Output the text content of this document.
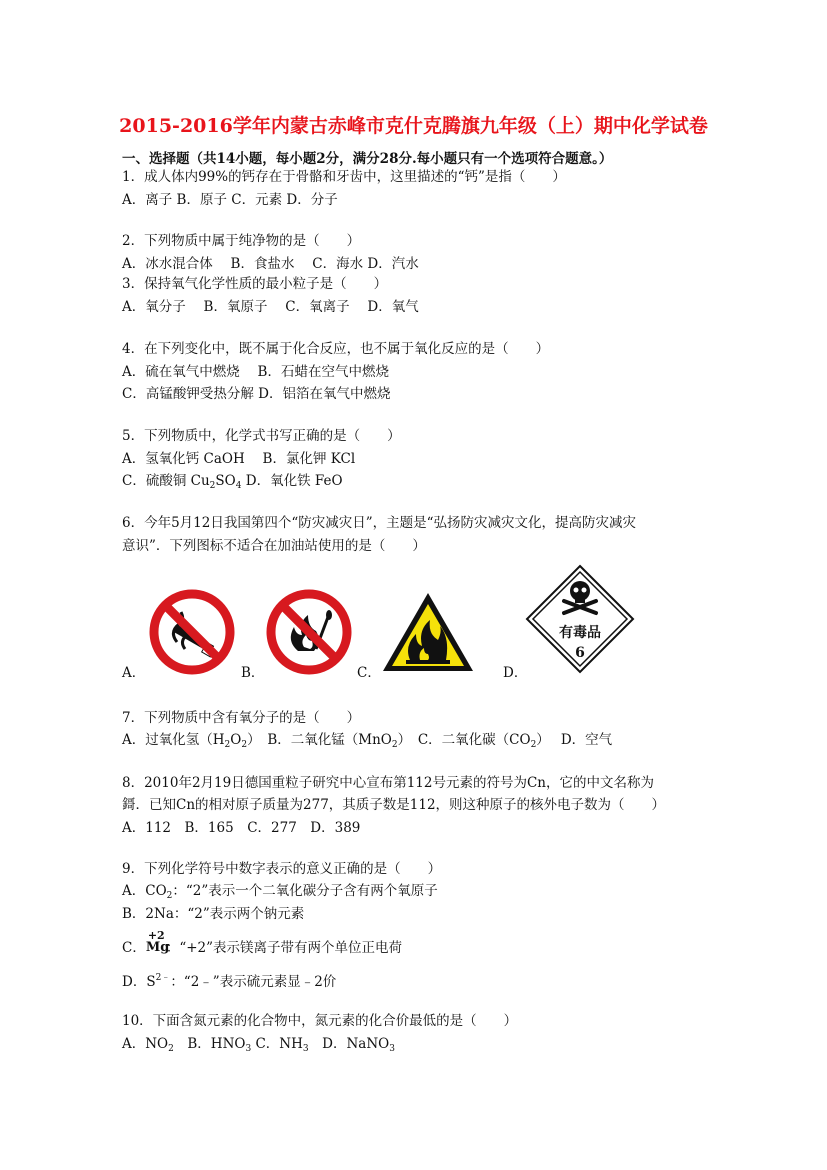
2015-2016学年内蒙古赤峰市克什克腾旗九年级（上）期中化学试卷
一、选择题（共14小题，每小题2分，满分28分.每小题只有一个选项符合题意。）
1．成人体内99%的钙存在于骨骼和牙齿中，这里描述的“钙”是指（　　）
A．离子 B．原子 C．元素 D．分子
2．下列物质中属于纯净物的是（　　）
A．冰水混合体　 B．食盐水　 C．海水 D．汽水
3．保持氧气化学性质的最小粒子是（　　）
A．氧分子　 B．氧原子　 C．氧离子　 D．氧气
4．在下列变化中，既不属于化合反应，也不属于氧化反应的是（　　）
A．硫在氧气中燃烧　 B．石蜡在空气中燃烧
C．高锰酸钾受热分解 D．铝箔在氧气中燃烧
5．下列物质中，化学式书写正确的是（　　）
A．氢氧化钙 CaOH　 B．氯化钾 KCl
C．硫酸铜 $Cu_2SO_4$ D．氧化铁 FeO
6．今年5月12日我国第四个“防灾减灾日”，主题是“弘扬防灾减灾文化，提高防灾减灾
意识”．下列图标不适合在加油站使用的是（　　）
A．	B．	C．	D．
有毒品
6
7．下列物质中含有氧分子的是（　　）
A．过氧化氢$(H_2O_2)$　B．二氧化锰（MnO$_2$）　C．二氧化碳$(CO_2)$　 D．空气
8．2010年2月19日德国重粒子研究中心宣布第112号元素的符号为Cn，它的中文名称为
鎶．已知Cn的相对原子质量为277，其质子数是112，则这种原子的核外电子数为（　　）
A．112　B．165　C．277　D．389
9．下列化学符号中数字表示的意义正确的是（　　）
A．$CO_2$：“2”表示一个二氧化碳分子含有两个氧原子
B．2Na：“2”表示两个钠元素
C．
+2
Mg
：“+2”表示镁离子带有两个单位正电荷
D．$S^{2﹣}$：“2﹣”表示硫元素显﹣2价
10．下面含氮元素的化合物中，氮元素的化合价最低的是（　　）
A．$NO_2$　B．$HNO_3$ C．$NH_3$　D．NaNO$_3$
